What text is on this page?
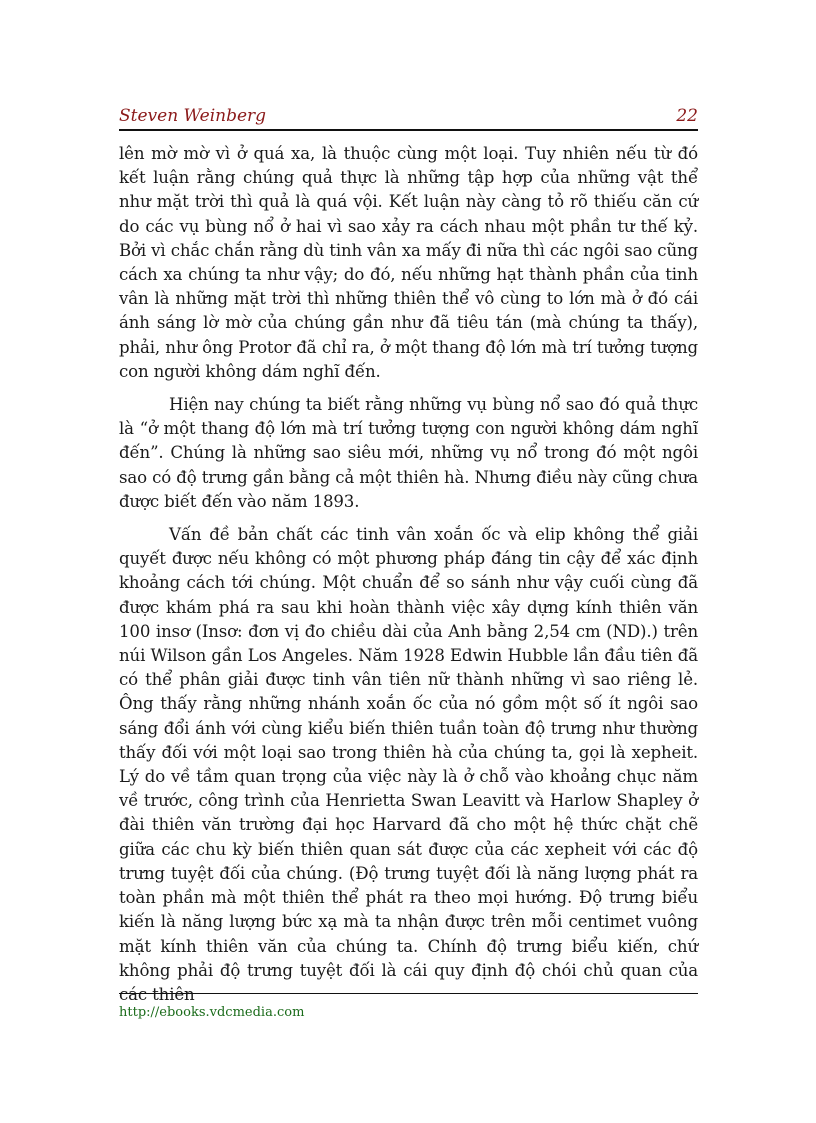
Steven Weinberg	22

lên mờ mờ vì ở quá xa, là thuộc cùng một loại. Tuy nhiên nếu từ đó kết luận rằng chúng quả thực là những tập hợp của những vật thể như mặt trời thì quả là quá vội. Kết luận này càng tỏ rõ thiếu căn cứ do các vụ bùng nổ ở hai vì sao xảy ra cách nhau một phần tư thế kỷ. Bởi vì chắc chắn rằng dù tinh vân xa mấy đi nữa thì các ngôi sao cũng cách xa chúng ta như vậy; do đó, nếu những hạt thành phần của tinh vân là những mặt trời thì những thiên thể vô cùng to lớn mà ở đó cái ánh sáng lờ mờ của chúng gần như đã tiêu tán (mà chúng ta thấy), phải, như ông Protor đã chỉ ra, ở một thang độ lớn mà trí tưởng tượng con người không dám nghĩ đến.

Hiện nay chúng ta biết rằng những vụ bùng nổ sao đó quả thực là “ở một thang độ lớn mà trí tưởng tượng con người không dám nghĩ đến”. Chúng là những sao siêu mới, những vụ nổ trong đó một ngôi sao có độ trưng gần bằng cả một thiên hà. Nhưng điều này cũng chưa được biết đến vào năm 1893.

Vấn đề bản chất các tinh vân xoắn ốc và elip không thể giải quyết được nếu không có một phương pháp đáng tin cậy để xác định khoảng cách tới chúng. Một chuẩn để so sánh như vậy cuối cùng đã được khám phá ra sau khi hoàn thành việc xây dựng kính thiên văn 100 insơ (Insơ: đơn vị đo chiều dài của Anh bằng 2,54 cm (ND).) trên núi Wilson gần Los Angeles. Năm 1928 Edwin Hubble lần đầu tiên đã có thể phân giải được tinh vân tiên nữ thành những vì sao riêng lẻ. Ông thấy rằng những nhánh xoắn ốc của nó gồm một số ít ngôi sao sáng đổi ánh với cùng kiểu biến thiên tuần toàn độ trưng như thường thấy đối với một loại sao trong thiên hà của chúng ta, gọi là xepheit. Lý do về tầm quan trọng của việc này là ở chỗ vào khoảng chục năm về trước, công trình của Henrietta Swan Leavitt và Harlow Shapley ở đài thiên văn trường đại học Harvard đã cho một hệ thức chặt chẽ giữa các chu kỳ biến thiên quan sát được của các xepheit với các độ trưng tuyệt đối của chúng. (Độ trưng tuyệt đối là năng lượng phát ra toàn phần mà một thiên thể phát ra theo mọi hướng. Độ trưng biểu kiến là năng lượng bức xạ mà ta nhận được trên mỗi centimet vuông mặt kính thiên văn của chúng ta. Chính độ trưng biểu kiến, chứ không phải độ trưng tuyệt đối là cái quy định độ chói chủ quan của các thiên

http://ebooks.vdcmedia.com
